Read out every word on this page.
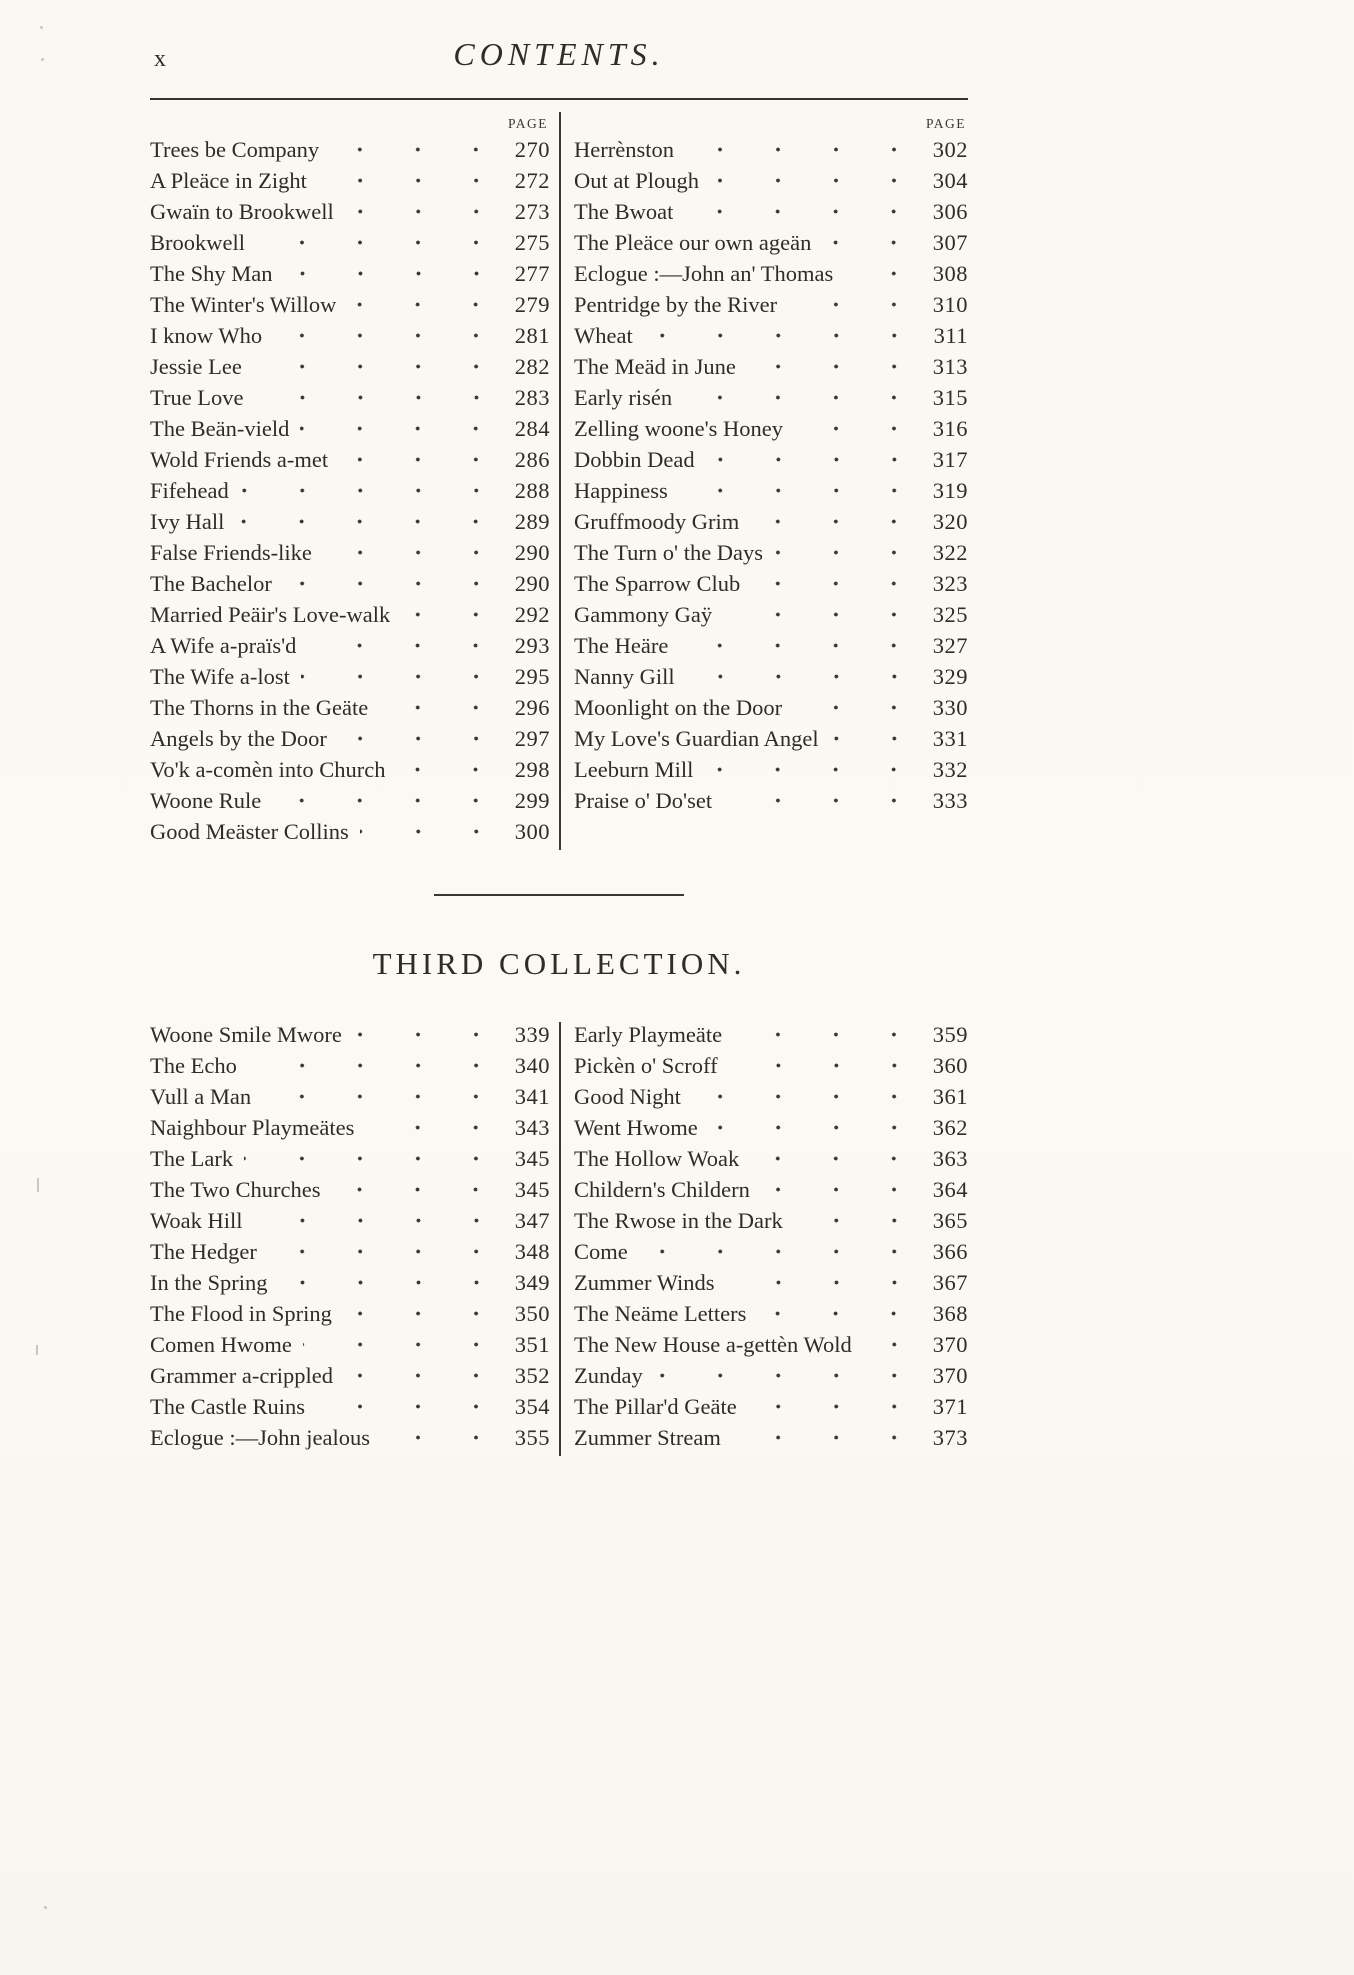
x	CONTENTS.
PAGE
Trees be Company	270
A Pleäce in Zight	272
Gwaïn to Brookwell	273
Brookwell	275
The Shy Man	277
The Winter's Willow	279
I know Who	281
Jessie Lee	282
True Love	283
The Beän-vield	284
Wold Friends a-met	286
Fifehead	288
Ivy Hall	289
False Friends-like	290
The Bachelor	290
Married Peäir's Love-walk	292
A Wife a-praïs'd	293
The Wife a-lost	295
The Thorns in the Geäte	296
Angels by the Door	297
Vo'k a-comèn into Church	298
Woone Rule	299
Good Meäster Collins	300
PAGE
Herrènston	302
Out at Plough	304
The Bwoat	306
The Pleäce our own ageän	307
Eclogue :—John an' Thomas	308
Pentridge by the River	310
Wheat	311
The Meäd in June	313
Early risén	315
Zelling woone's Honey	316
Dobbin Dead	317
Happiness	319
Gruffmoody Grim	320
The Turn o' the Days	322
The Sparrow Club	323
Gammony Gaÿ	325
The Heäre	327
Nanny Gill	329
Moonlight on the Door	330
My Love's Guardian Angel	331
Leeburn Mill	332
Praise o' Do'set	333
THIRD COLLECTION.
Woone Smile Mwore	339
The Echo	340
Vull a Man	341
Naighbour Playmeätes	343
The Lark	345
The Two Churches	345
Woak Hill	347
The Hedger	348
In the Spring	349
The Flood in Spring	350
Comen Hwome	351
Grammer a-crippled	352
The Castle Ruins	354
Eclogue :—John jealous	355
Early Playmeäte	359
Pickèn o' Scroff	360
Good Night	361
Went Hwome	362
The Hollow Woak	363
Childern's Childern	364
The Rwose in the Dark	365
Come	366
Zummer Winds	367
The Neäme Letters	368
The New House a-gettèn Wold	370
Zunday	370
The Pillar'd Geäte	371
Zummer Stream	373
